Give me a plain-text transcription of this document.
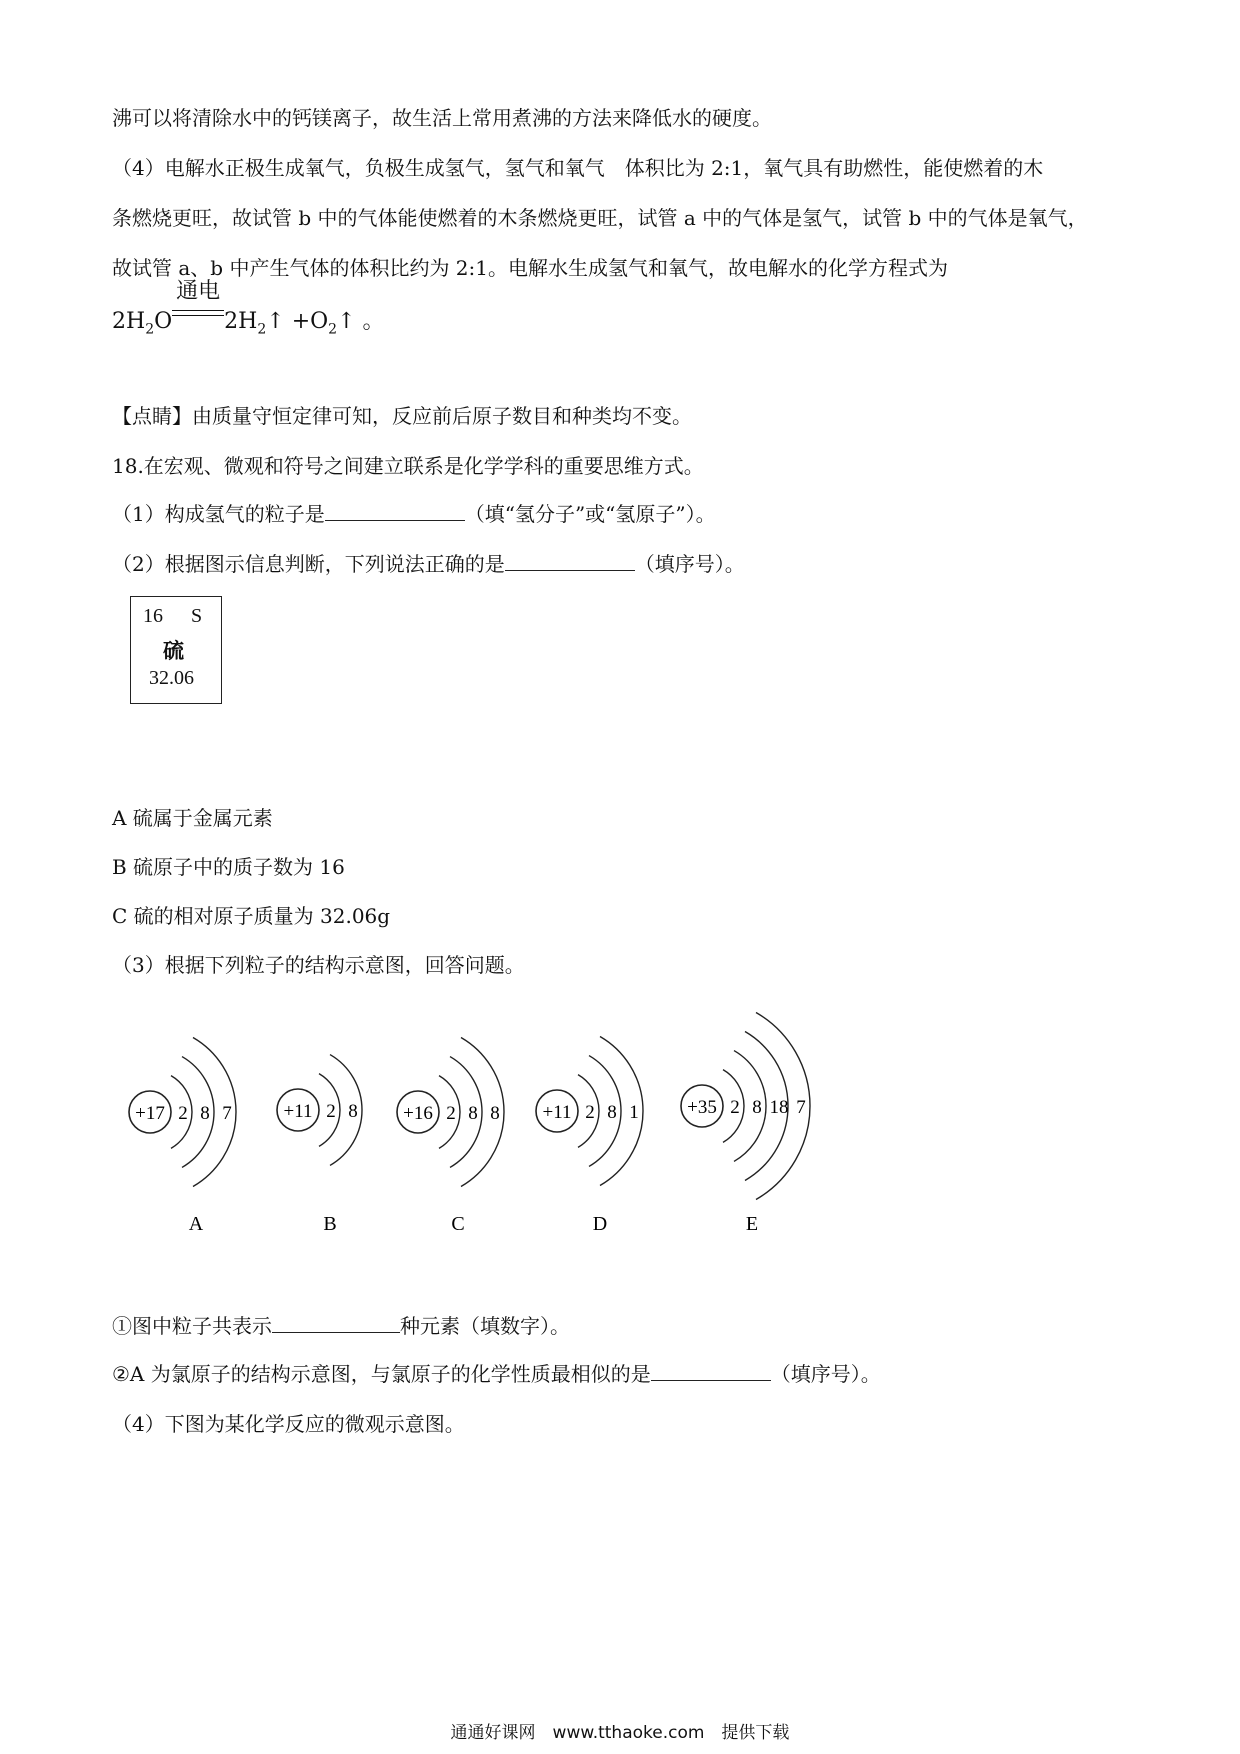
沸可以将清除水中的钙镁离子，故生活上常用煮沸的方法来降低水的硬度。
（4）电解水正极生成氧气，负极生成氢气，氢气和氧气　体积比为 2:1，氧气具有助燃性，能使燃着的木
条燃烧更旺，故试管 b 中的气体能使燃着的木条燃烧更旺，试管 a 中的气体是氢气，试管 b 中的气体是氧气，
故试管 a、b 中产生气体的体积比约为 2:1。电解水生成氢气和氧气，故电解水的化学方程式为
$2H_2O$
通电
$2H_2↑$ $+O_2↑$ 。
【点睛】由质量守恒定律可知，反应前后原子数目和种类均不变。
18.在宏观、微观和符号之间建立联系是化学学科的重要思维方式。
（1）构成氢气的粒子是	（填“氢分子”或“氢原子”）。
（2）根据图示信息判断，下列说法正确的是	（填序号）。
16 S
硫
32.06
A 硫属于金属元素
B 硫原子中的质子数为 16
C 硫的相对原子质量为 32.06g
（3）根据下列粒子的结构示意图，回答问题。
+17 2 8 7
A
+11 2 8
B
+16 2 8 8
C
+11 2 8 1
D
+35 2 8 18 7
E
①图中粒子共表示	种元素（填数字）。
②A 为氯原子的结构示意图，与氯原子的化学性质最相似的是	（填序号）。
（4）下图为某化学反应的微观示意图。
通通好课网　www.tthaoke.com　提供下载
